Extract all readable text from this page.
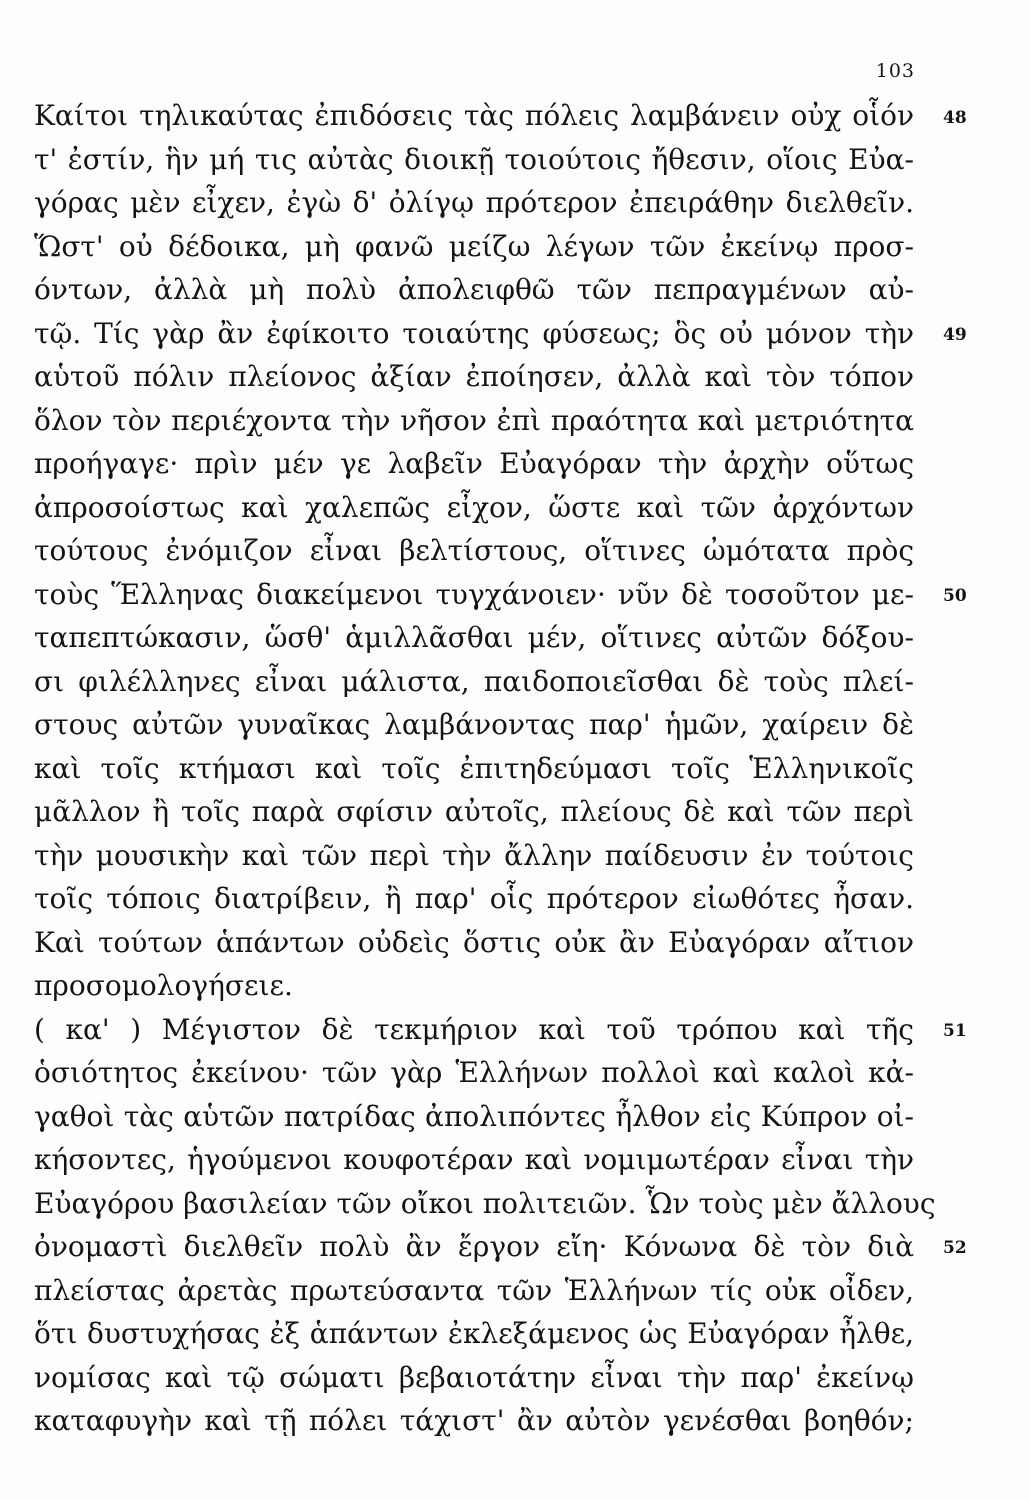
103
Καίτοι τηλικαύτας ἐπιδόσεις τὰς πόλεις λαμβάνειν οὐχ οἷόν
τ' ἐστίν, ἣν μή τις αὐτὰς διοικῇ τοιούτοις ἤθεσιν, οἵοις Εὐα-
γόρας μὲν εἶχεν, ἐγὼ δ' ὀλίγῳ πρότερον ἐπειράθην διελθεῖν.
Ὥστ' οὐ δέδοικα, μὴ φανῶ μείζω λέγων τῶν ἐκείνῳ προσ-
όντων, ἀλλὰ μὴ πολὺ ἀπολειφθῶ τῶν πεπραγμένων αὐ-
τῷ. Τίς γὰρ ἂν ἐφίκοιτο τοιαύτης φύσεως; ὃς οὐ μόνον τὴν
αὑτοῦ πόλιν πλείονος ἀξίαν ἐποίησεν, ἀλλὰ καὶ τὸν τόπον
ὅλον τὸν περιέχοντα τὴν νῆσον ἐπὶ πραότητα καὶ μετριότητα
προήγαγε· πρὶν μέν γε λαβεῖν Εὐαγόραν τὴν ἀρχὴν οὕτως
ἀπροσοίστως καὶ χαλεπῶς εἶχον, ὥστε καὶ τῶν ἀρχόντων
τούτους ἐνόμιζον εἶναι βελτίστους, οἵτινες ὠμότατα πρὸς
τοὺς Ἕλληνας διακείμενοι τυγχάνοιεν· νῦν δὲ τοσοῦτον με-
ταπεπτώκασιν, ὥσθ' ἁμιλλᾶσθαι μέν, οἵτινες αὐτῶν δόξου-
σι φιλέλληνες εἶναι μάλιστα, παιδοποιεῖσθαι δὲ τοὺς πλεί-
στους αὐτῶν γυναῖκας λαμβάνοντας παρ' ἡμῶν, χαίρειν δὲ
καὶ τοῖς κτήμασι καὶ τοῖς ἐπιτηδεύμασι τοῖς Ἑλληνικοῖς
μᾶλλον ἢ τοῖς παρὰ σφίσιν αὐτοῖς, πλείους δὲ καὶ τῶν περὶ
τὴν μουσικὴν καὶ τῶν περὶ τὴν ἄλλην παίδευσιν ἐν τούτοις
τοῖς τόποις διατρίβειν, ἢ παρ' οἷς πρότερον εἰωθότες ἦσαν.
Καὶ τούτων ἁπάντων οὐδεὶς ὅστις οὐκ ἂν Εὐαγόραν αἴτιον
προσομολογήσειε.
( κα' ) Μέγιστον δὲ τεκμήριον καὶ τοῦ τρόπου καὶ τῆς
ὁσιότητος ἐκείνου· τῶν γὰρ Ἑλλήνων πολλοὶ καὶ καλοὶ κἀ-
γαθοὶ τὰς αὑτῶν πατρίδας ἀπολιπόντες ἦλθον εἰς Κύπρον οἰ-
κήσοντες, ἡγούμενοι κουφοτέραν καὶ νομιμωτέραν εἶναι τὴν
Εὐαγόρου βασιλείαν τῶν οἴκοι πολιτειῶν. Ὧν τοὺς μὲν ἄλλους
ὀνομαστὶ διελθεῖν πολὺ ἂν ἔργον εἴη· Κόνωνα δὲ τὸν διὰ
πλείστας ἀρετὰς πρωτεύσαντα τῶν Ἑλλήνων τίς οὐκ οἶδεν,
ὅτι δυστυχήσας ἐξ ἁπάντων ἐκλεξάμενος ὡς Εὐαγόραν ἦλθε,
νομίσας καὶ τῷ σώματι βεβαιοτάτην εἶναι τὴν παρ' ἐκείνῳ
καταφυγὴν καὶ τῇ πόλει τάχιστ' ἂν αὐτὸν γενέσθαι βοηθόν;
48
49
50
51
52
